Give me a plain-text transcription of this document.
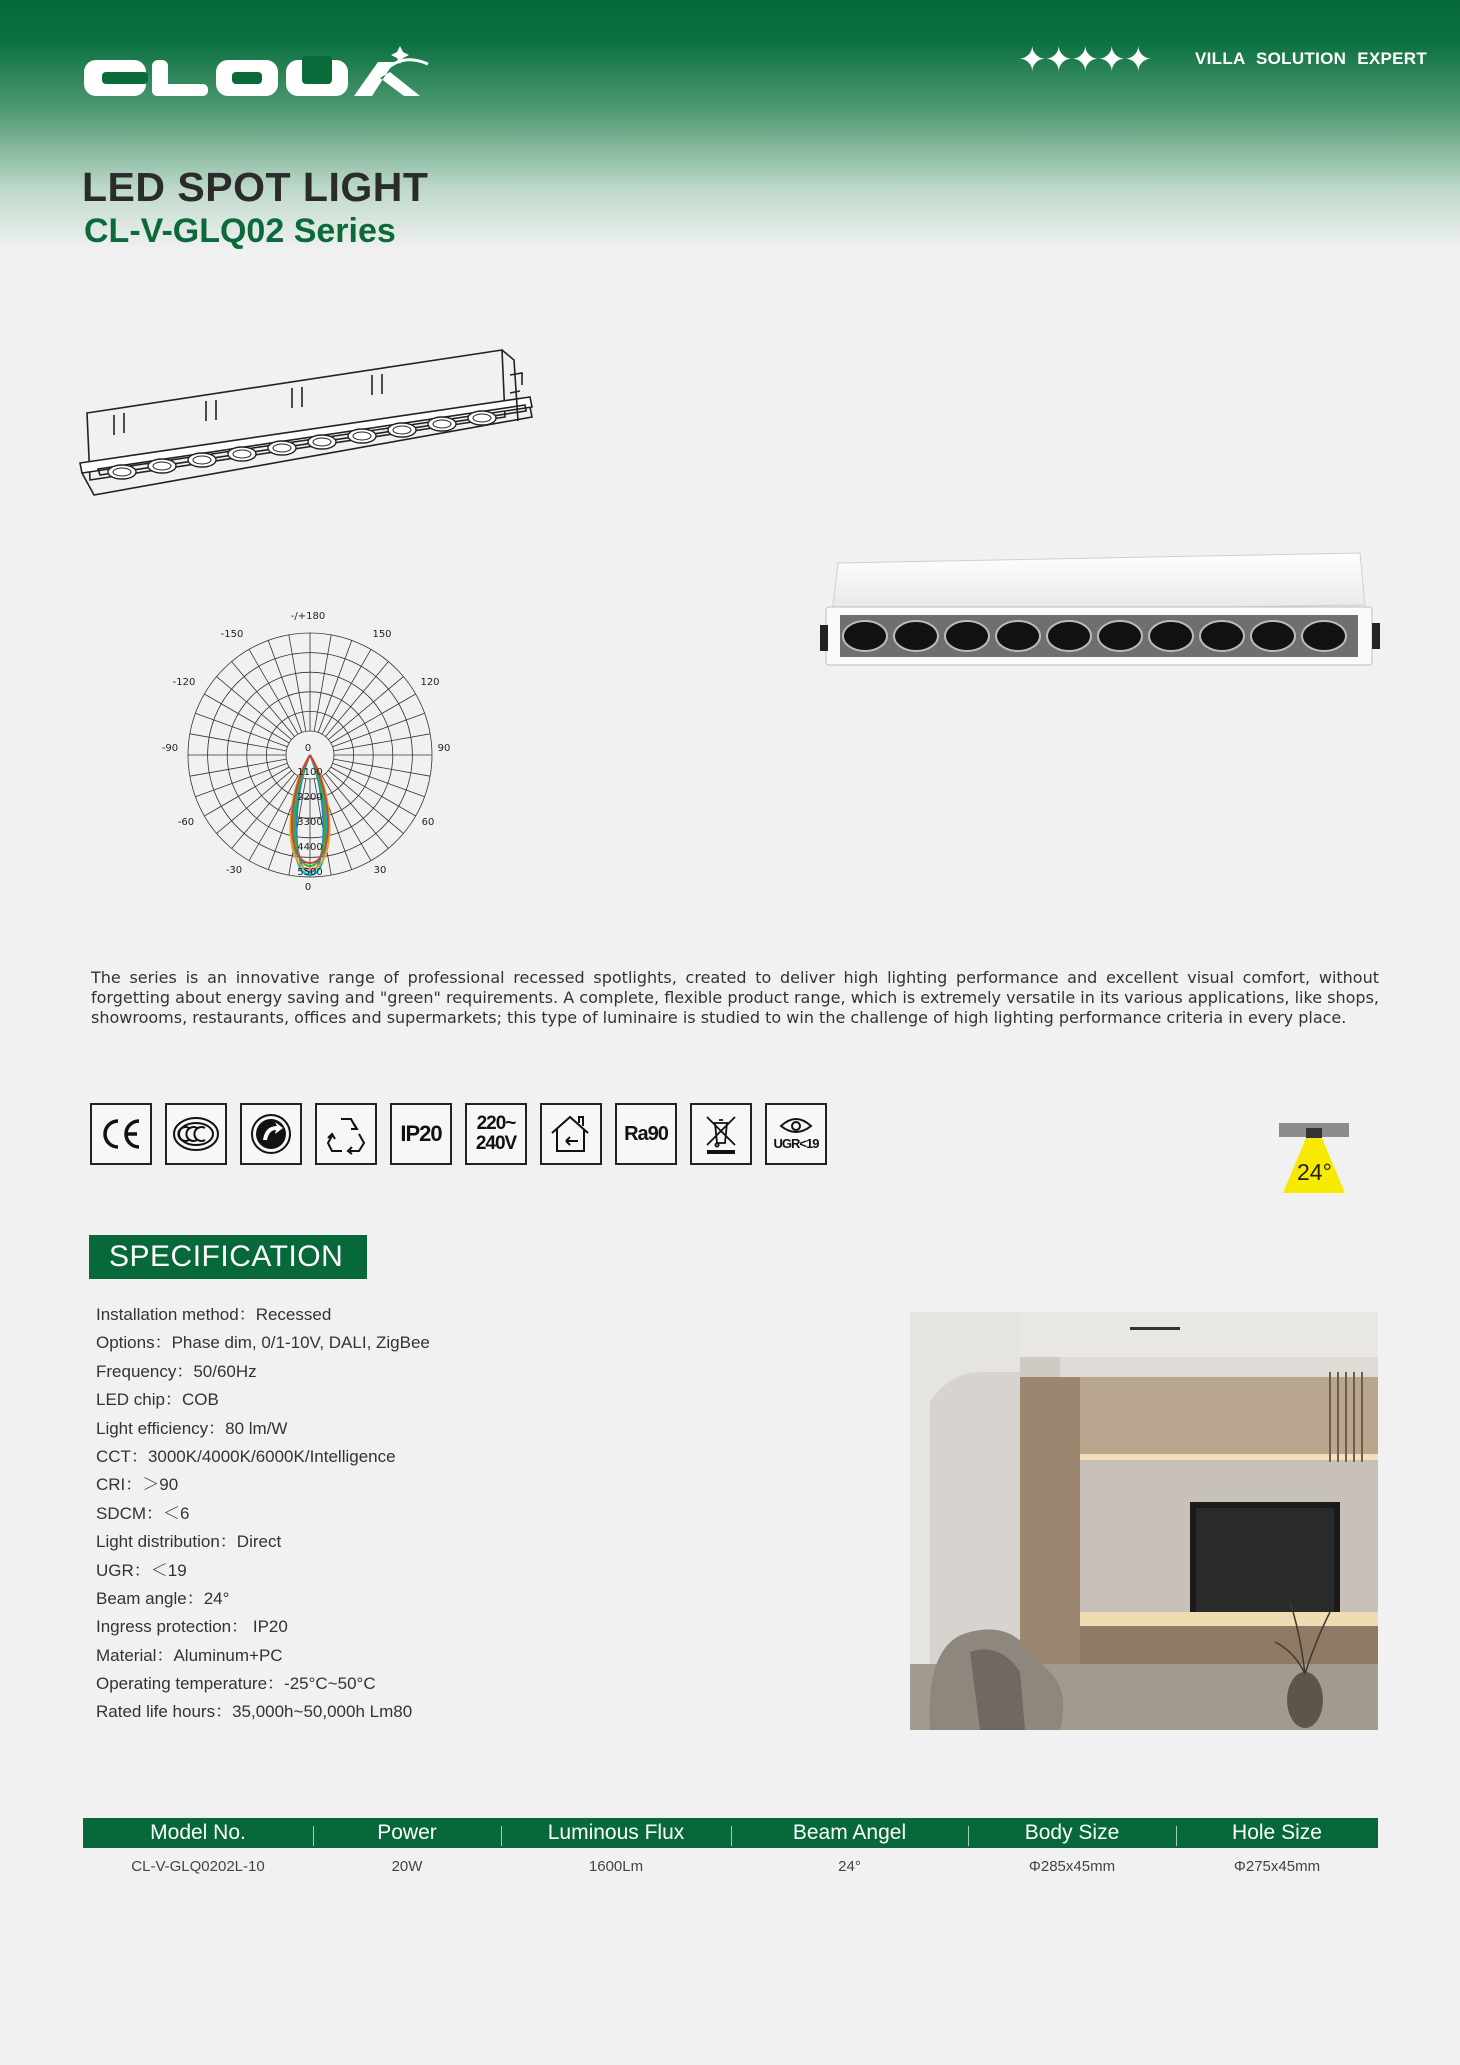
✦✦✦✦✦	VILLA SOLUTION EXPERT
LED SPOT LIGHT
CL-V-GLQ02 Series
-/+180
-150	150
-120	120
-90	90
-60	60
-30	30
0
0
1100
2200
3300
4400
5500

The series is an innovative range of professional recessed spotlights, created to deliver high lighting performance and excellent visual comfort, without forgetting about energy saving and "green" requirements. A complete, flexible product range, which is extremely versatile in its various applications, like shops, showrooms, restaurants, offices and supermarkets; this type of luminaire is studied to win the challenge of high lighting performance criteria in every place.

IP20 220~
240V	Ra90	UGR<19
24°
SPECIFICATION
Installation method：Recessed
Options：Phase dim, 0/1-10V, DALI, ZigBee
Frequency：50/60Hz
LED chip：COB
Light efficiency：80 lm/W
CCT：3000K/4000K/6000K/Intelligence
CRI：＞90
SDCM：＜6
Light distribution：Direct
UGR：＜19
Beam angle：24°
Ingress protection： IP20
Material：Aluminum+PC
Operating temperature：-25°C~50°C
Rated life hours：35,000h~50,000h Lm80
Model No.	Power	Luminous Flux	Beam Angel	Body Size	Hole Size
CL-V-GLQ0202L-10	20W	1600Lm	24°	Φ285x45mm	Φ275x45mm
